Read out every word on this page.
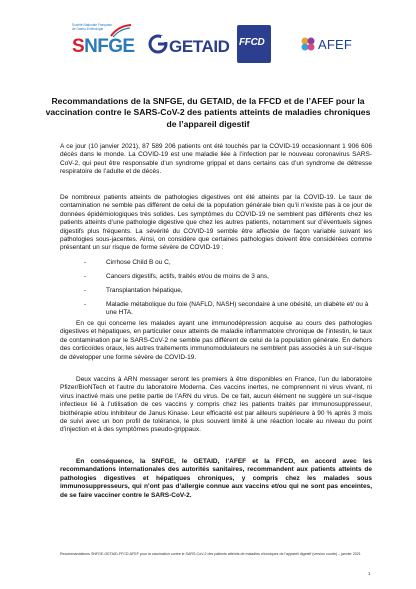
Société Nationale Française de Gastro-Entérologie
SNFGE GETAID FFCD	AFEF
Recommandations de la SNFGE, du GETAID, de la FFCD et de l’AFEF pour la vaccination contre le SARS-CoV-2 des patients atteints de maladies chroniques de l’appareil digestif

A ce jour (10 janvier 2021), 87 589 206 patients ont été touchés par la COVID-19 occasionnant 1 906 606 décès dans le monde. La COVID-19 est une maladie liée à l’infection par le nouveau coronavirus SARS-CoV-2, qui peut être responsable d’un syndrome grippal et dans certains cas d’un syndrome de détresse respiratoire de l’adulte et de décès.

De nombreux patients atteints de pathologies digestives ont été atteints par la COVID-19. Le taux de contamination ne semble pas différent de celui de la population générale bien qu’il n’existe pas à ce jour de données épidémiologiques très solides. Les symptômes du COVID-19 ne semblent pas différents chez les patients atteints d’une pathologie digestive que chez les autres patients, notamment sur d’éventuels signes digestifs plus fréquents. La sévérité du COVID-19 semble être affectée de façon variable suivant les pathologies sous-jacentes. Ainsi, on considère que certaines pathologies doivent être considérées comme présentant un sur risque de forme sévère de COVID-19 :

- Cirrhose Child B ou C,
- Cancers digestifs, actifs, traités et/ou de moins de 3 ans,
- Transplantation hépatique,
- Maladie métabolique du foie (NAFLD, NASH) secondaire à une obésité, un diabète et/ ou à une HTA.

En ce qui concerne les malades ayant une immunodépression acquise au cours des pathologies digestives et hépatiques, en particulier ceux atteints de maladie inflammatoire chronique de l’intestin, le taux de contamination par le SARS-CoV-2 ne semble pas différent de celui de la population générale. En dehors des corticoïdes oraux, les autres traitements immunomodulateurs ne semblent pas associés à un sur-risque de développer une forme sévère de COVID-19.

Deux vaccins à ARN messager seront les premiers à être disponibles en France, l’un du laboratoire Pfizer/BioNTech et l’autre du laboratoire Moderna. Ces vaccins inertes, ne comprennent ni virus vivant, ni virus inactivé mais une petite partie de l’ARN du virus. De ce fait, aucun élément ne suggère un sur-risque infectieux lié à l’utilisation de ces vaccins y compris chez les patients traités par immunosuppresseur, biothérapie et/ou inhibiteur de Janus Kinase. Leur efficacité est par ailleurs supérieure à 90 % après 3 mois de suivi avec un bon profil de tolérance, le plus souvent limité à une réaction locale au niveau du point d’injection et à des symptômes pseudo-grippaux.

En conséquence, la SNFGE, le GETAID, l’AFEF et la FFCD, en accord avec les recommandations internationales des autorités sanitaires, recommandent aux patients atteints de pathologies digestives et hépatiques chroniques, y compris chez les malades sous immunosuppresseurs, qui n’ont pas d’allergie connue aux vaccins et/ou qui ne sont pas enceintes, de se faire vacciner contre le SARS-CoV-2.

Recommandations SNFGE-GETAID-FFCD-AFEF pour la vaccination contre le SARS-CoV-2 des patients atteints de maladies chroniques de l’appareil digestif (version courte) – janvier 2021

1
